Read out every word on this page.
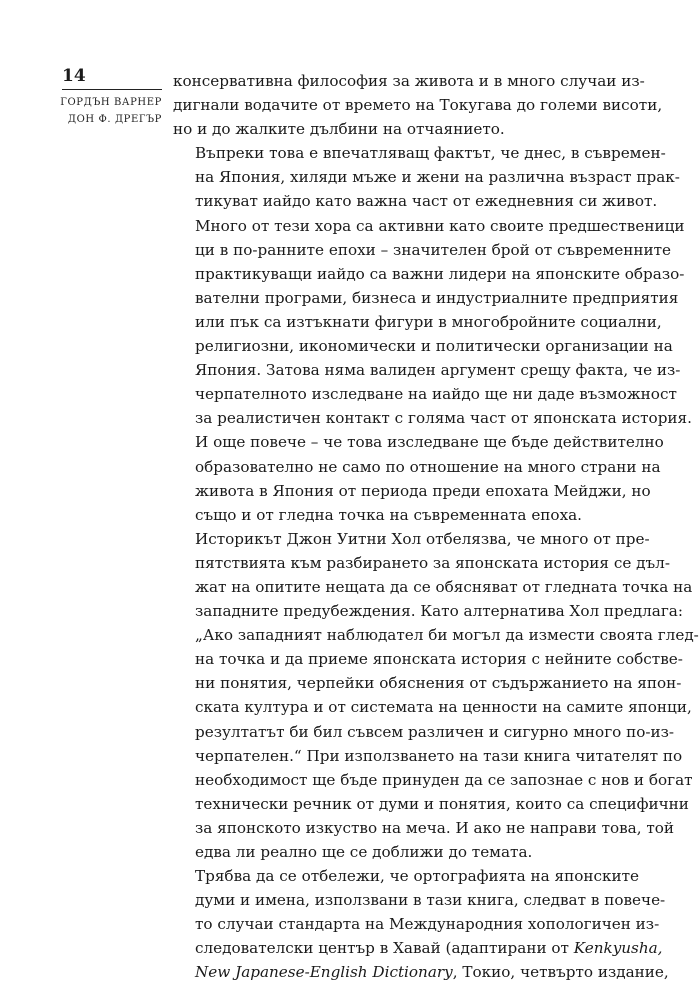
14
ГОРДЪН ВАРНЕР
ДОН Ф. ДРЕГЪР

консервативна философия за живота и в много случаи из-
дигнали водачите от времето на Токугава до големи висоти,
но и до жалките дълбини на отчаянието.

Въпреки това е впечатляващ фактът, че днес, в съвремен-
на Япония, хиляди мъже и жени на различна възраст прак-
тикуват иайдо като важна част от ежедневния си живот.
Много от тези хора са активни като своите предшественици
ци в по-ранните епохи – значителен брой от съвременните
практикуващи иайдо са важни лидери на японските образо-
вателни програми, бизнеса и индустриалните предприятия
или пък са изтъкнати фигури в многобройните социални,
религиозни, икономически и политически организации на
Япония. Затова няма валиден аргумент срещу факта, че из-
черпателното изследване на иайдо ще ни даде възможност
за реалистичен контакт с голяма част от японската история.
И още повече – че това изследване ще бъде действително
образователно не само по отношение на много страни на
живота в Япония от периода преди епохата Мейджи, но
също и от гледна точка на съвременната епоха.

Историкът Джон Уитни Хол отбелязва, че много от пре-
пятствията към разбирането за японската история се дъл-
жат на опитите нещата да се обясняват от гледната точка на
западните предубеждения. Като алтернатива Хол предлага:
„Ако западният наблюдател би могъл да измести своята глед-
на точка и да приеме японската история с нейните собстве-
ни понятия, черпейки обяснения от съдържанието на япон-
ската култура и от системата на ценности на самите японци,
резултатът би бил съвсем различен и сигурно много по-из-
черпателен.“ При използването на тази книга читателят по
необходимост ще бъде принуден да се запознае с нов и богат
технически речник от думи и понятия, които са специфични
за японското изкуство на меча. И ако не направи това, той
едва ли реално ще се доближи до темата.

Трябва да се отбележи, че ортографията на японските
думи и имена, използвани в тази книга, следват в повече-
то случаи стандарта на Международния хопологичен из-
следователски център в Хавай (адаптирани от Kenkyusha,
New Japanese-English Dictionary, Токио, четвърто издание,
